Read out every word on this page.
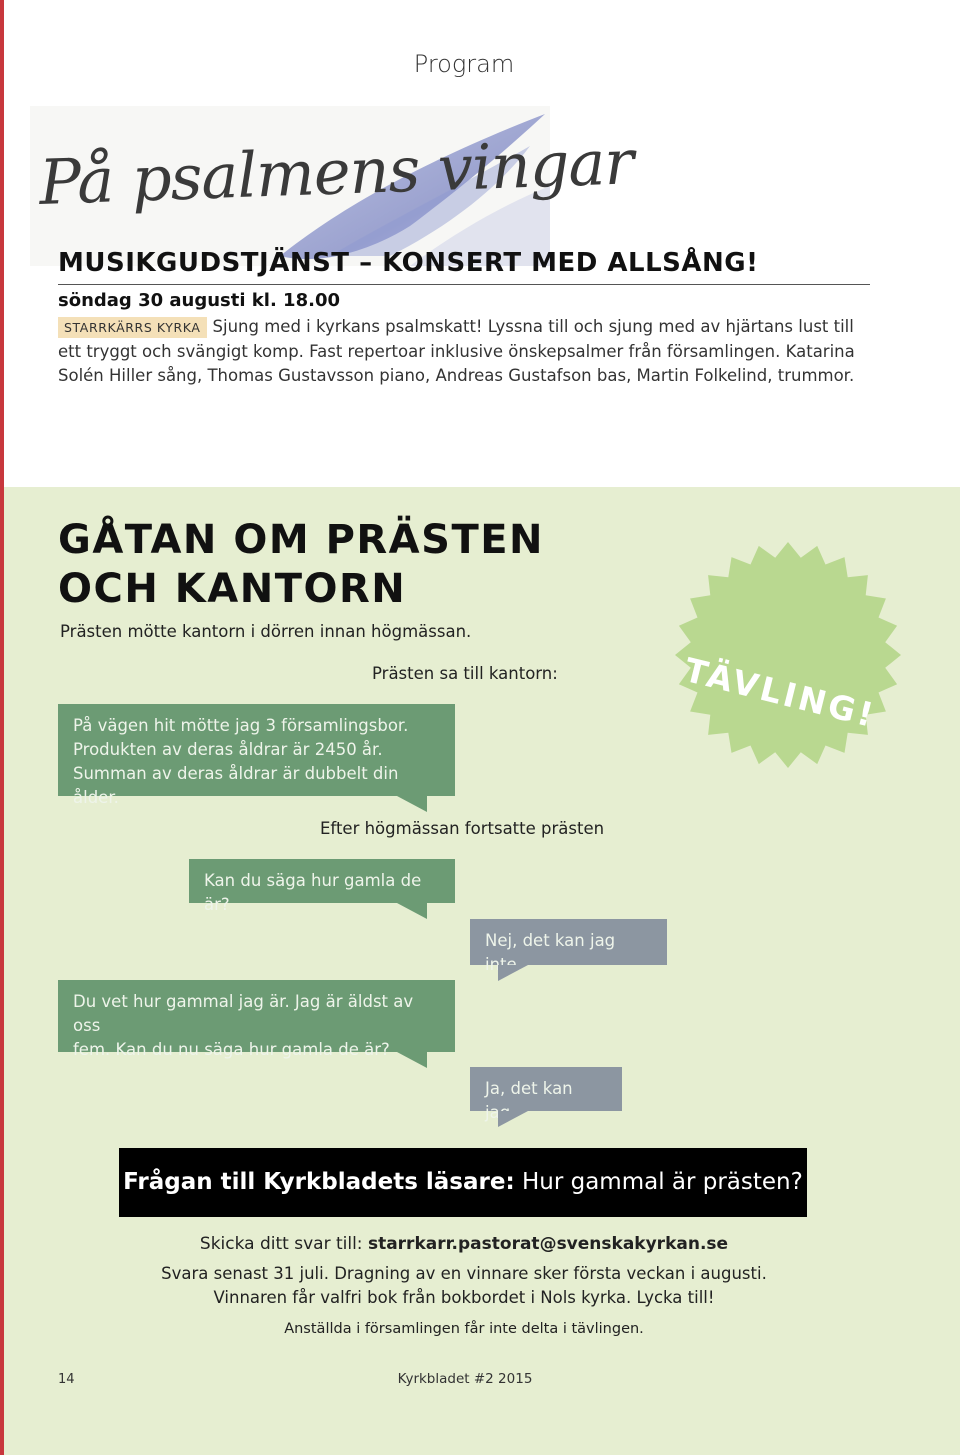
Program
På psalmens vingar
MUSIKGUDSTJÄNST – KONSERT MED ALLSÅNG!
söndag 30 augusti kl. 18.00
STARRKÄRRS KYRKA Sjung med i kyrkans psalmskatt! Lyssna till och sjung med av hjärtans lust till ett tryggt och svängigt komp. Fast repertoar inklusive önskepsalmer från församlingen. Katarina Solén Hiller sång, Thomas Gustavsson piano, Andreas Gustafson bas, Martin Folkelind, trummor.
GÅTAN OM PRÄSTEN
OCH KANTORN
Prästen mötte kantorn i dörren innan högmässan.
Prästen sa till kantorn:	TÄVLING!
På vägen hit mötte jag 3 församlingsbor.
Produkten av deras åldrar är 2450 år.
Summan av deras åldrar är dubbelt din ålder.
Efter högmässan fortsatte prästen
Kan du säga hur gamla de är?
Nej, det kan jag inte.
Du vet hur gammal jag är. Jag är äldst av oss
fem. Kan du nu säga hur gamla de är?
Ja, det kan jag.
Frågan till Kyrkbladets läsare: Hur gammal är prästen?
Skicka ditt svar till: starrkarr.pastorat@svenskakyrkan.se
Svara senast 31 juli. Dragning av en vinnare sker första veckan i augusti.
Vinnaren får valfri bok från bokbordet i Nols kyrka. Lycka till!
Anställda i församlingen får inte delta i tävlingen.
14	Kyrkbladet #2 2015
